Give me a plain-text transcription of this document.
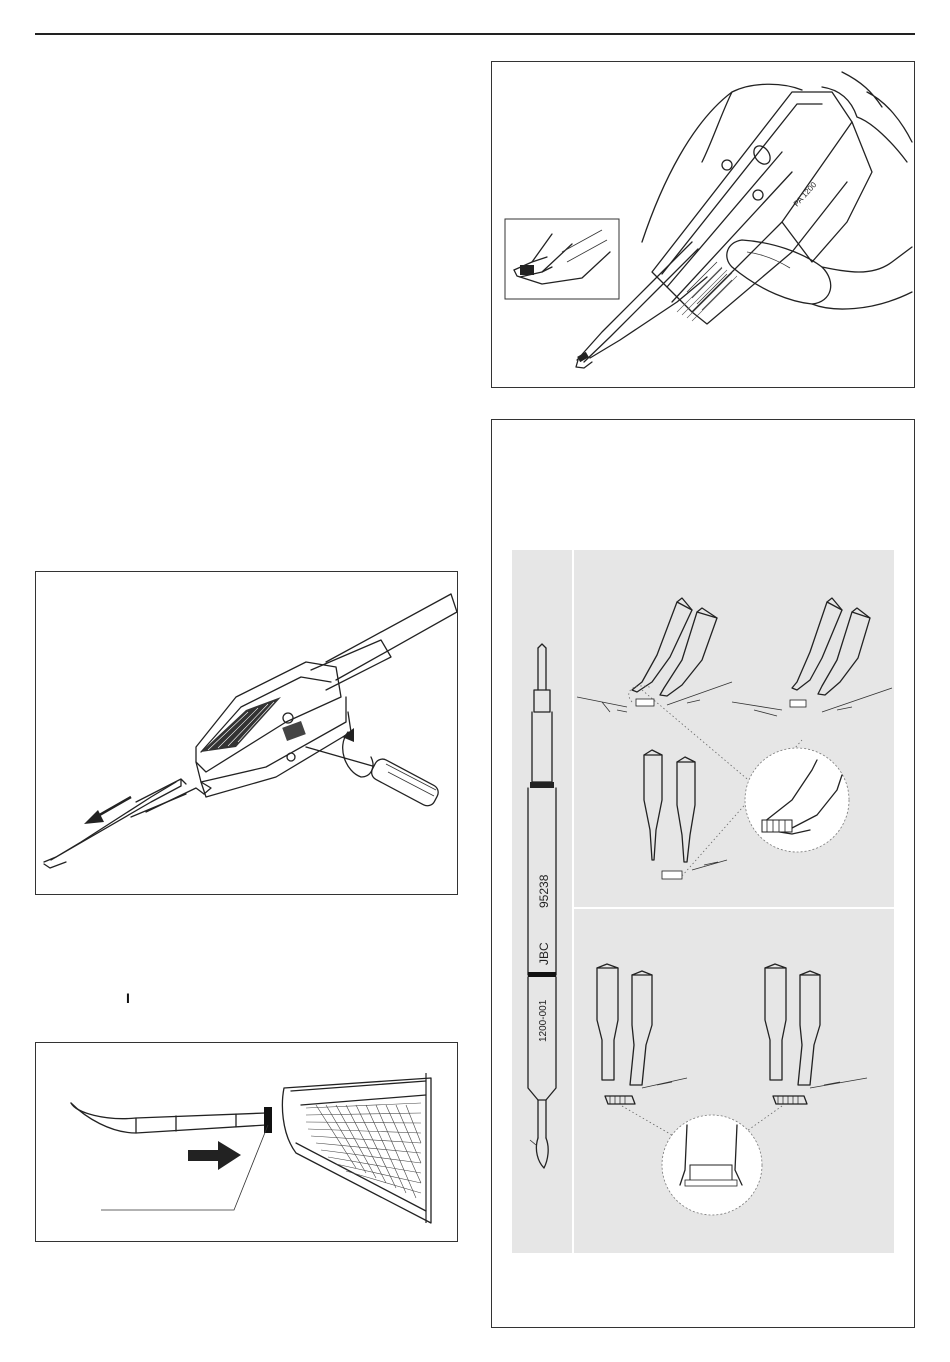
PA 1200
I
JBC
95238
1200-001
